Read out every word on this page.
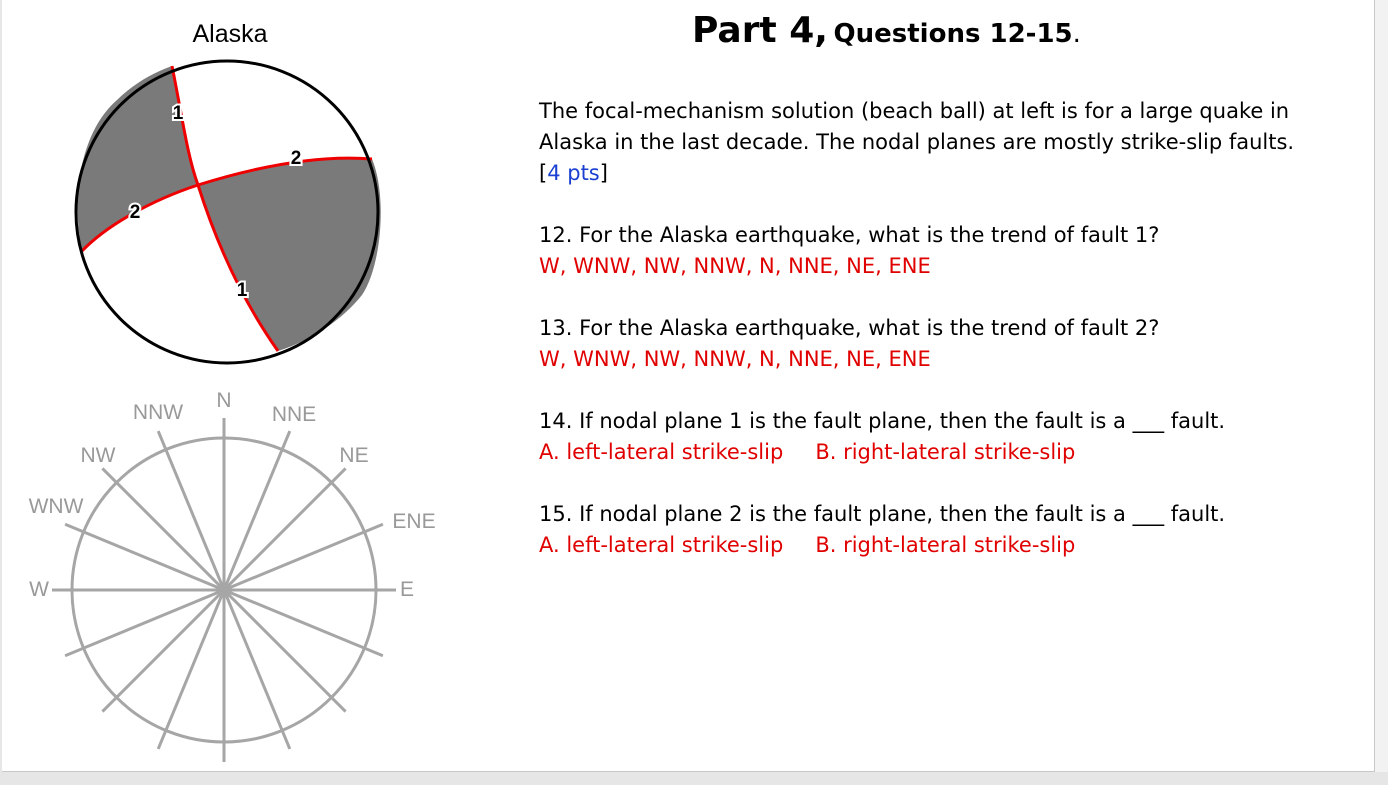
Alaska
1
1
2
2
N
NNE
NE
ENE
E
W
WNW
NW
NNW
Part 4, Questions 12-15.

The focal-mechanism solution (beach ball) at left is for a large quake in

Alaska in the last decade. The nodal planes are mostly strike-slip faults.

[4 pts]

12. For the Alaska earthquake, what is the trend of fault 1?

W, WNW, NW, NNW, N, NNE, NE, ENE

13. For the Alaska earthquake, what is the trend of fault 2?

W, WNW, NW, NNW, N, NNE, NE, ENE

14. If nodal plane 1 is the fault plane, then the fault is a ___ fault.

A. left-lateral strike-slip B. right-lateral strike-slip

15. If nodal plane 2 is the fault plane, then the fault is a ___ fault.

A. left-lateral strike-slip B. right-lateral strike-slip
